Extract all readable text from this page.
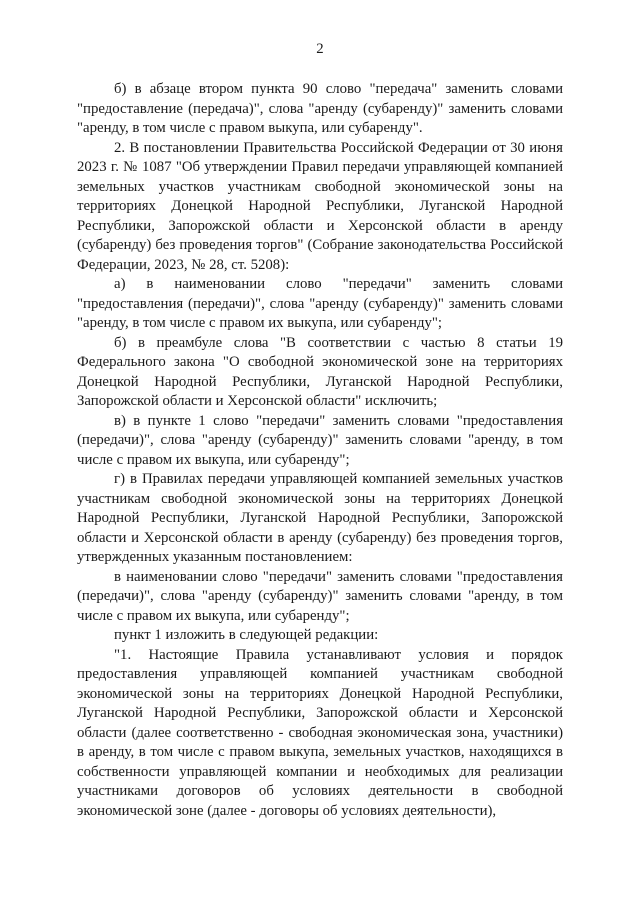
2

б) в абзаце втором пункта 90 слово "передача" заменить словами "предоставление (передача)", слова "аренду (субаренду)" заменить словами "аренду, в том числе с правом выкупа, или субаренду".

2. В постановлении Правительства Российской Федерации от 30 июня 2023 г. № 1087 "Об утверждении Правил передачи управляющей компанией земельных участков участникам свободной экономической зоны на территориях Донецкой Народной Республики, Луганской Народной Республики, Запорожской области и Херсонской области в аренду (субаренду) без проведения торгов" (Собрание законодательства Российской Федерации, 2023, № 28, ст. 5208):

а) в наименовании слово "передачи" заменить словами "предоставления (передачи)", слова "аренду (субаренду)" заменить словами "аренду, в том числе с правом их выкупа, или субаренду";

б) в преамбуле слова "В соответствии с частью 8 статьи 19 Федерального закона "О свободной экономической зоне на территориях Донецкой Народной Республики, Луганской Народной Республики, Запорожской области и Херсонской области" исключить;

в) в пункте 1 слово "передачи" заменить словами "предоставления (передачи)", слова "аренду (субаренду)" заменить словами "аренду, в том числе с правом их выкупа, или субаренду";

г) в Правилах передачи управляющей компанией земельных участков участникам свободной экономической зоны на территориях Донецкой Народной Республики, Луганской Народной Республики, Запорожской области и Херсонской области в аренду (субаренду) без проведения торгов, утвержденных указанным постановлением:

в наименовании слово "передачи" заменить словами "предоставления (передачи)", слова "аренду (субаренду)" заменить словами "аренду, в том числе с правом их выкупа, или субаренду";

пункт 1 изложить в следующей редакции:

"1. Настоящие Правила устанавливают условия и порядок предоставления управляющей компанией участникам свободной экономической зоны на территориях Донецкой Народной Республики, Луганской Народной Республики, Запорожской области и Херсонской области (далее соответственно - свободная экономическая зона, участники) в аренду, в том числе с правом выкупа, земельных участков, находящихся в собственности управляющей компании и необходимых для реализации участниками договоров об условиях деятельности в свободной экономической зоне (далее - договоры об условиях деятельности),
